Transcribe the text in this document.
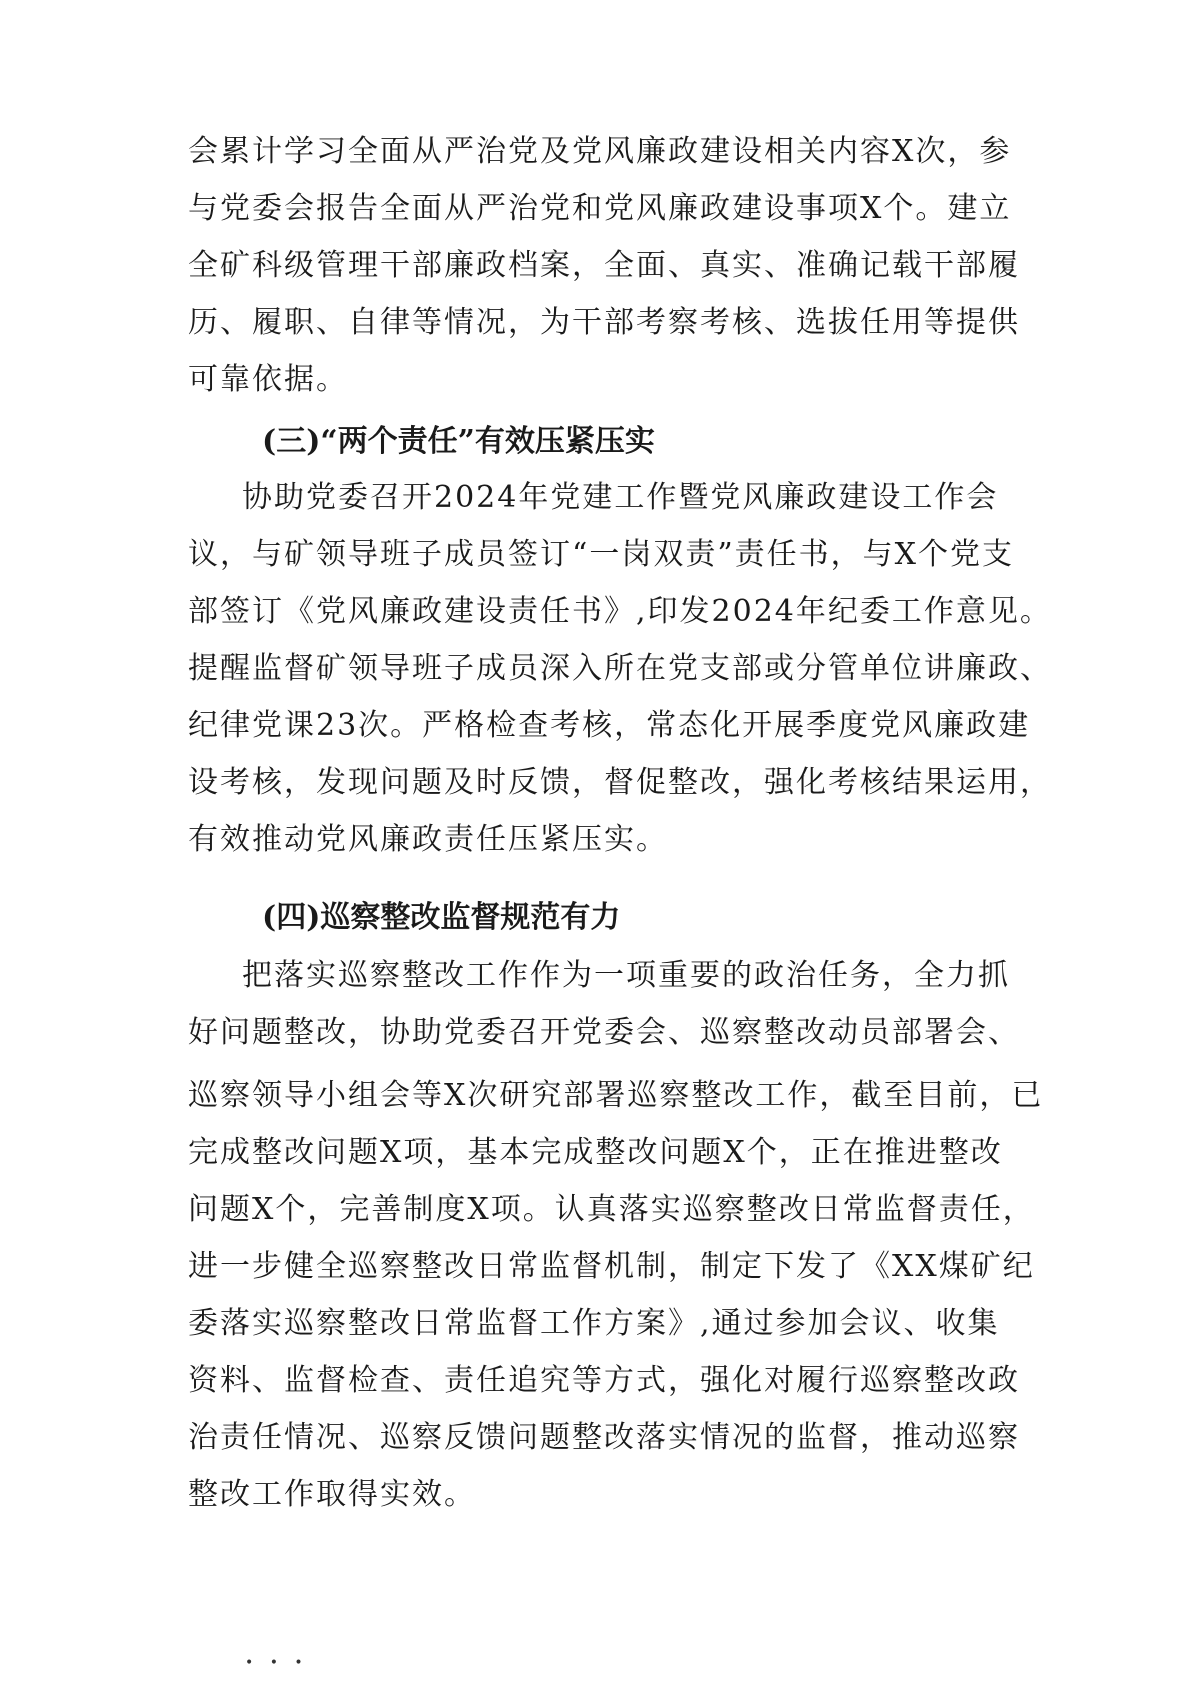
会累计学习全面从严治党及党风廉政建设相关内容X次，参
与党委会报告全面从严治党和党风廉政建设事项X个。建立
全矿科级管理干部廉政档案，全面、真实、准确记载干部履
历、履职、自律等情况，为干部考察考核、选拔任用等提供
可靠依据。
(三)“两个责任”有效压紧压实
协助党委召开2024年党建工作暨党风廉政建设工作会
议，与矿领导班子成员签订“一岗双责”责任书，与X个党支
部签订《党风廉政建设责任书》,印发2024年纪委工作意见。
提醒监督矿领导班子成员深入所在党支部或分管单位讲廉政、
纪律党课23次。严格检查考核，常态化开展季度党风廉政建
设考核，发现问题及时反馈，督促整改，强化考核结果运用，
有效推动党风廉政责任压紧压实。
(四)巡察整改监督规范有力
把落实巡察整改工作作为一项重要的政治任务，全力抓
好问题整改，协助党委召开党委会、巡察整改动员部署会、
巡察领导小组会等X次研究部署巡察整改工作，截至目前，已
完成整改问题X项，基本完成整改问题X个，正在推进整改
问题X个，完善制度X项。认真落实巡察整改日常监督责任，
进一步健全巡察整改日常监督机制，制定下发了《XX煤矿纪
委落实巡察整改日常监督工作方案》,通过参加会议、收集
资料、监督检查、责任追究等方式，强化对履行巡察整改政
治责任情况、巡察反馈问题整改落实情况的监督，推动巡察
整改工作取得实效。
• • •
